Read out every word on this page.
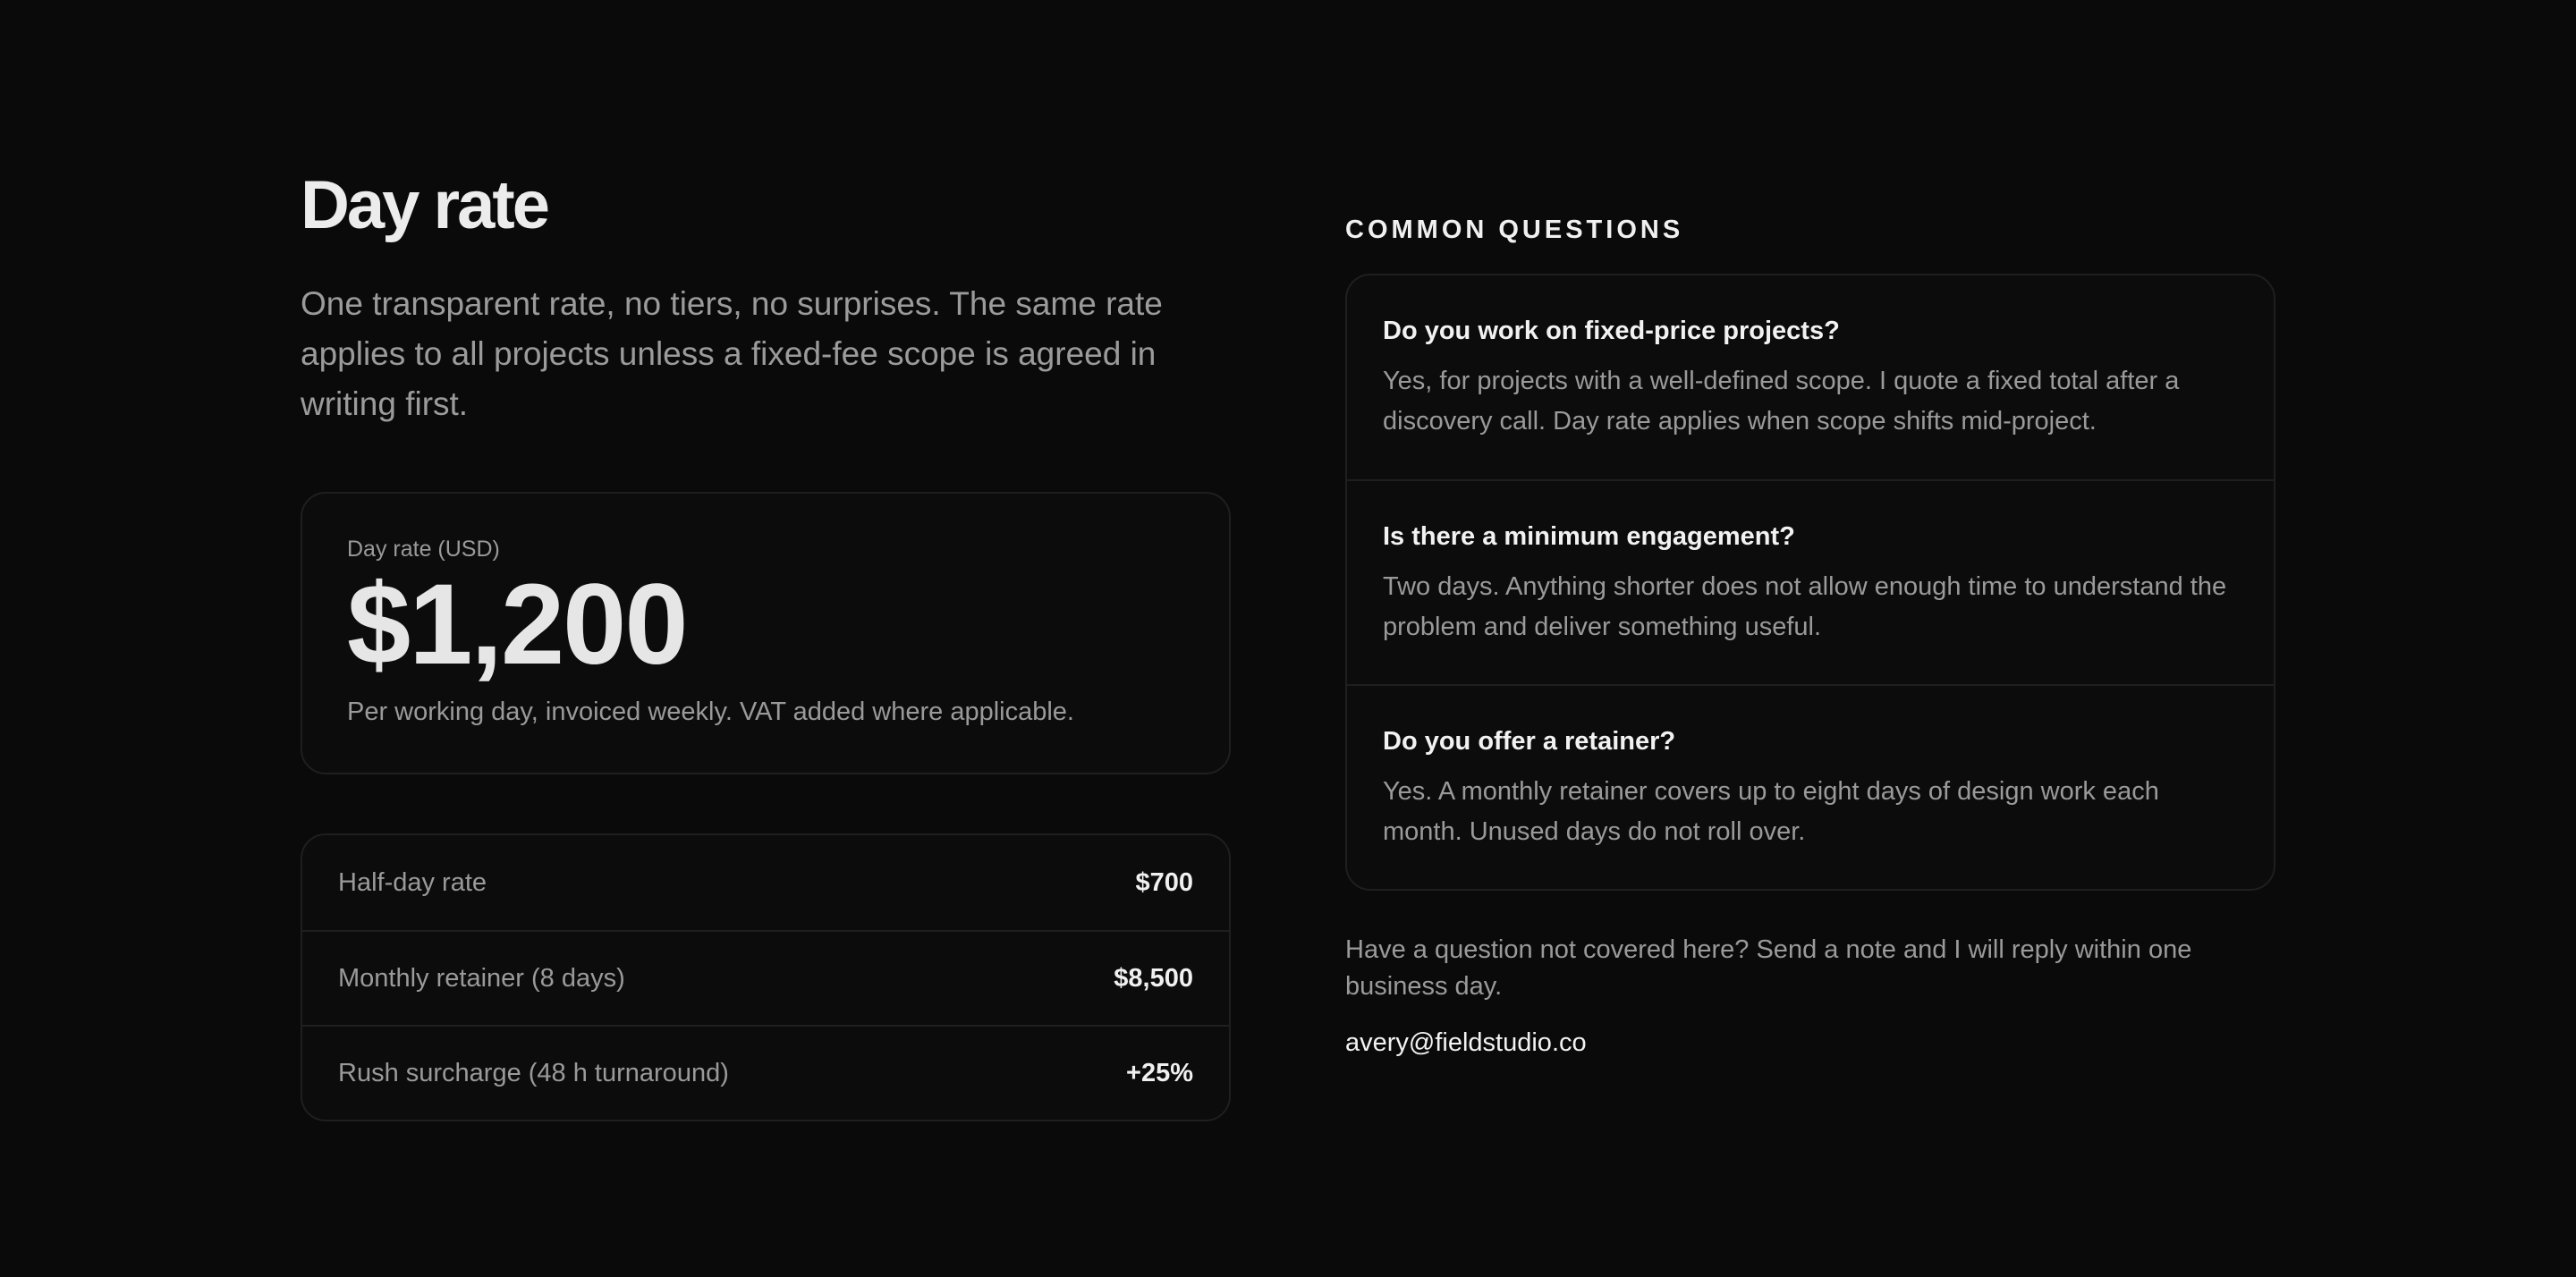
Day rate

One transparent rate, no tiers, no surprises. The same rate applies to all projects unless a fixed-fee scope is agreed in writing first.

Day rate (USD)
$1,200
Per working day, invoiced weekly. VAT added where applicable.
Half-day rate	$700
Monthly retainer (8 days)	$8,500
Rush surcharge (48 h turnaround)	+25%
COMMON QUESTIONS
Do you work on fixed-price projects?
Yes, for projects with a well-defined scope. I quote a fixed total after a discovery call. Day rate applies when scope shifts mid-project.
Is there a minimum engagement?
Two days. Anything shorter does not allow enough time to understand the problem and deliver something useful.
Do you offer a retainer?
Yes. A monthly retainer covers up to eight days of design work each month. Unused days do not roll over.

Have a question not covered here? Send a note and I will reply within one business day.

avery@fieldstudio.co
